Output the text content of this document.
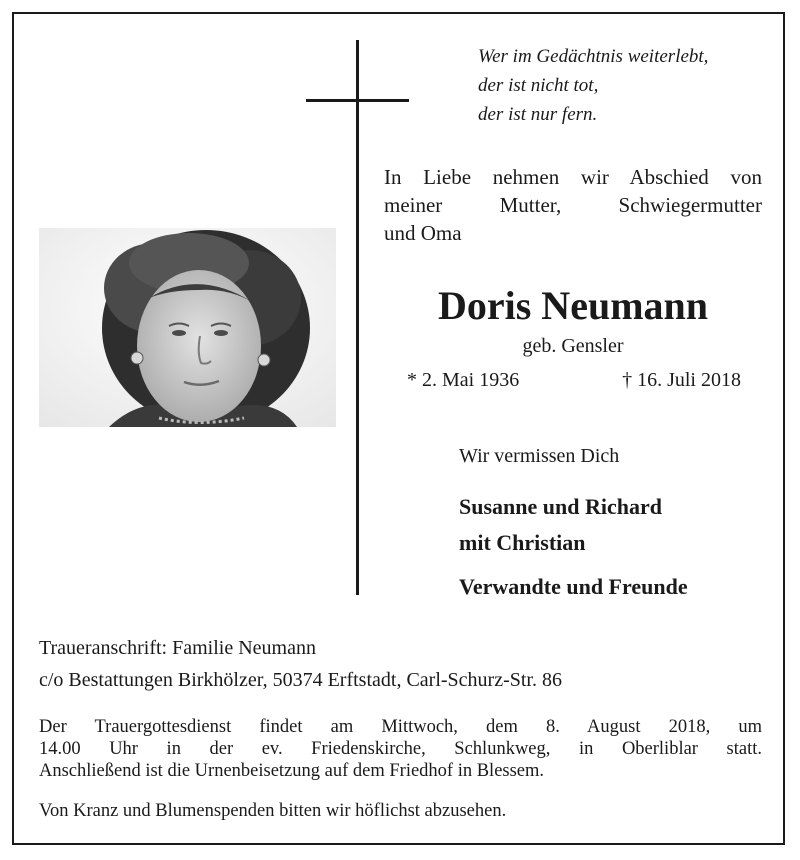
Wer im Gedächtnis weiterlebt,
der ist nicht tot,
der ist nur fern.
In Liebe nehmen wir Abschied von
meiner Mutter, Schwiegermutter
und Oma
Doris Neumann
geb. Gensler
* 2. Mai 1936	† 16. Juli 2018
Wir vermissen Dich
Susanne und Richard
mit Christian
Verwandte und Freunde
Traueranschrift: Familie Neumann
c/o Bestattungen Birkhölzer, 50374 Erftstadt, Carl-Schurz-Str. 86
Der Trauergottesdienst findet am Mittwoch, dem 8. August 2018, um
14.00 Uhr in der ev. Friedenskirche, Schlunkweg, in Oberliblar statt.
Anschließend ist die Urnenbeisetzung auf dem Friedhof in Blessem.
Von Kranz und Blumenspenden bitten wir höflichst abzusehen.
